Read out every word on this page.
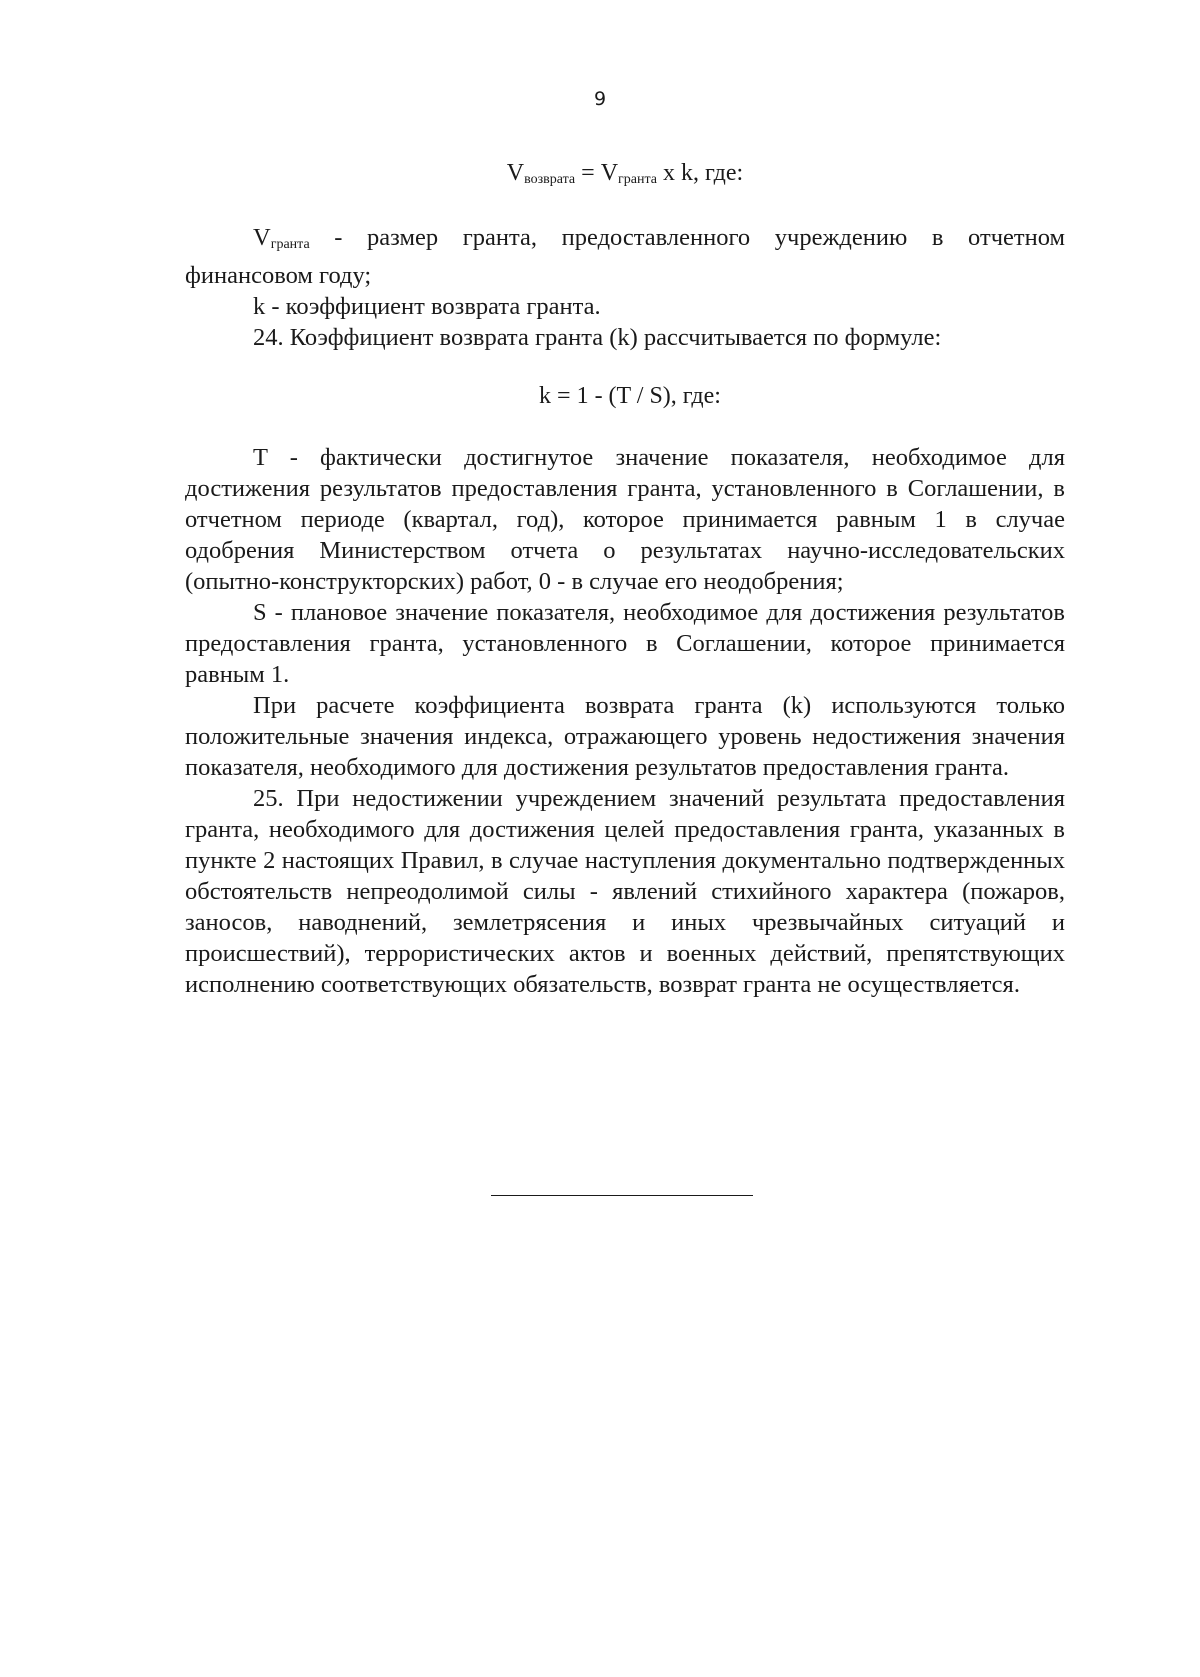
9
$V_{возврата} = V_{гранта}$ x k, где:

Vгранта - размер гранта, предоставленного учреждению в отчетном финансовом году;

k - коэффициент возврата гранта.

24. Коэффициент возврата гранта (k) рассчитывается по формуле:

k = 1 - (T / S), где:

T - фактически достигнутое значение показателя, необходимое для достижения результатов предоставления гранта, установленного в Соглашении, в отчетном периоде (квартал, год), которое принимается равным 1 в случае одобрения Министерством отчета о результатах научно-исследовательских (опытно-конструкторских) работ, 0 - в случае его неодобрения;

S - плановое значение показателя, необходимое для достижения результатов предоставления гранта, установленного в Соглашении, которое принимается равным 1.

При расчете коэффициента возврата гранта (k) используются только положительные значения индекса, отражающего уровень недостижения значения показателя, необходимого для достижения результатов предоставления гранта.

25. При недостижении учреждением значений результата предоставления гранта, необходимого для достижения целей предоставления гранта, указанных в пункте 2 настоящих Правил, в случае наступления документально подтвержденных обстоятельств непреодолимой силы - явлений стихийного характера (пожаров, заносов, наводнений, землетрясения и иных чрезвычайных ситуаций и происшествий), террористических актов и военных действий, препятствующих исполнению соответствующих обязательств, возврат гранта не осуществляется.
